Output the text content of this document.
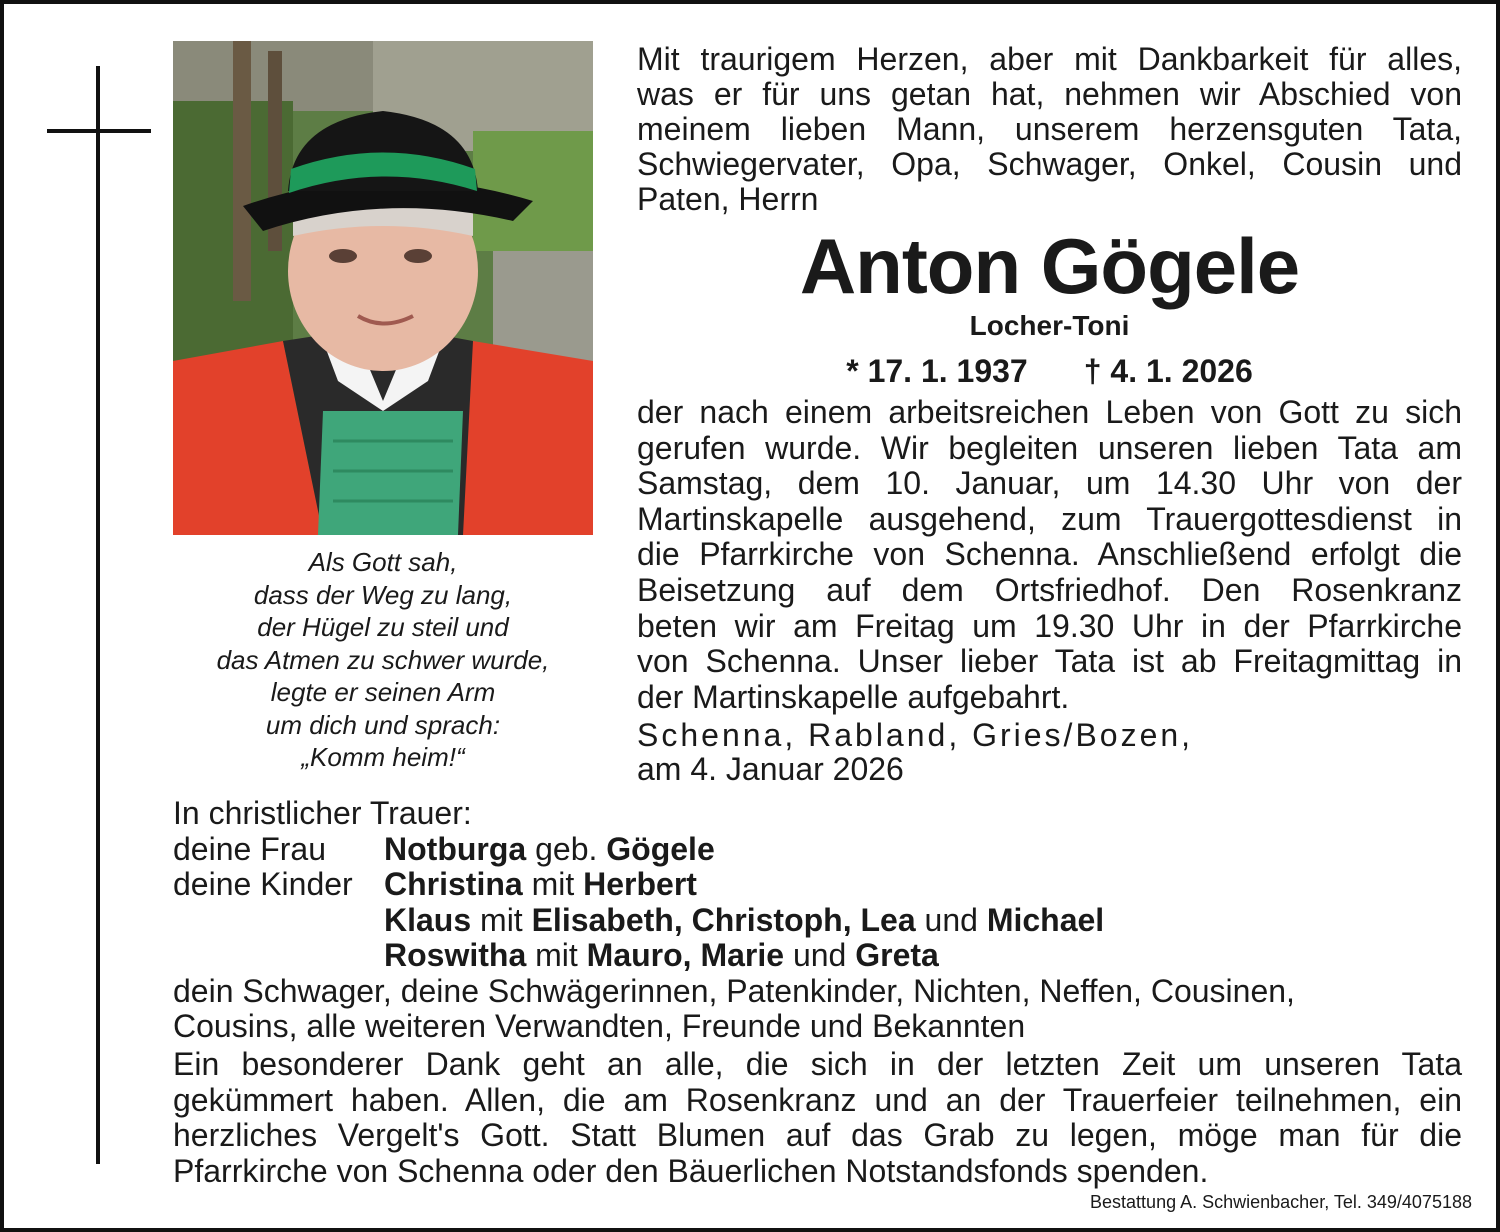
Als Gott sah,
dass der Weg zu lang,
der Hügel zu steil und
das Atmen zu schwer wurde,
legte er seinen Arm
um dich und sprach:
„Komm heim!“
Mit traurigem Herzen, aber mit Dankbarkeit für alles,
was er für uns getan hat, nehmen wir Abschied von
meinem lieben Mann, unserem herzensguten Tata,
Schwiegervater, Opa, Schwager, Onkel, Cousin und
Paten, Herrn
Anton Gögele
Locher-Toni
* 17. 1. 1937 † 4. 1. 2026
der nach einem arbeitsreichen Leben von Gott zu sich
gerufen wurde. Wir begleiten unseren lieben Tata am
Samstag, dem 10. Januar, um 14.30 Uhr von der
Martinskapelle ausgehend, zum Trauergottesdienst in
die Pfarrkirche von Schenna. Anschließend erfolgt die
Beisetzung auf dem Ortsfriedhof. Den Rosenkranz
beten wir am Freitag um 19.30 Uhr in der Pfarrkirche
von Schenna. Unser lieber Tata ist ab Freitagmittag in
der Martinskapelle aufgebahrt.
Schenna, Rabland, Gries/Bozen,
am 4. Januar 2026
In christlicher Trauer:
deine Frau Notburga geb. Gögele
deine Kinder Christina mit Herbert
Klaus mit Elisabeth, Christoph, Lea und Michael
Roswitha mit Mauro, Marie und Greta
dein Schwager, deine Schwägerinnen, Patenkinder, Nichten, Neffen, Cousinen,
Cousins, alle weiteren Verwandten, Freunde und Bekannten
Ein besonderer Dank geht an alle, die sich in der letzten Zeit um unseren Tata
gekümmert haben. Allen, die am Rosenkranz und an der Trauerfeier teilnehmen, ein
herzliches Vergelt's Gott. Statt Blumen auf das Grab zu legen, möge man für die
Pfarrkirche von Schenna oder den Bäuerlichen Notstandsfonds spenden.
Bestattung A. Schwienbacher, Tel. 349/4075188
